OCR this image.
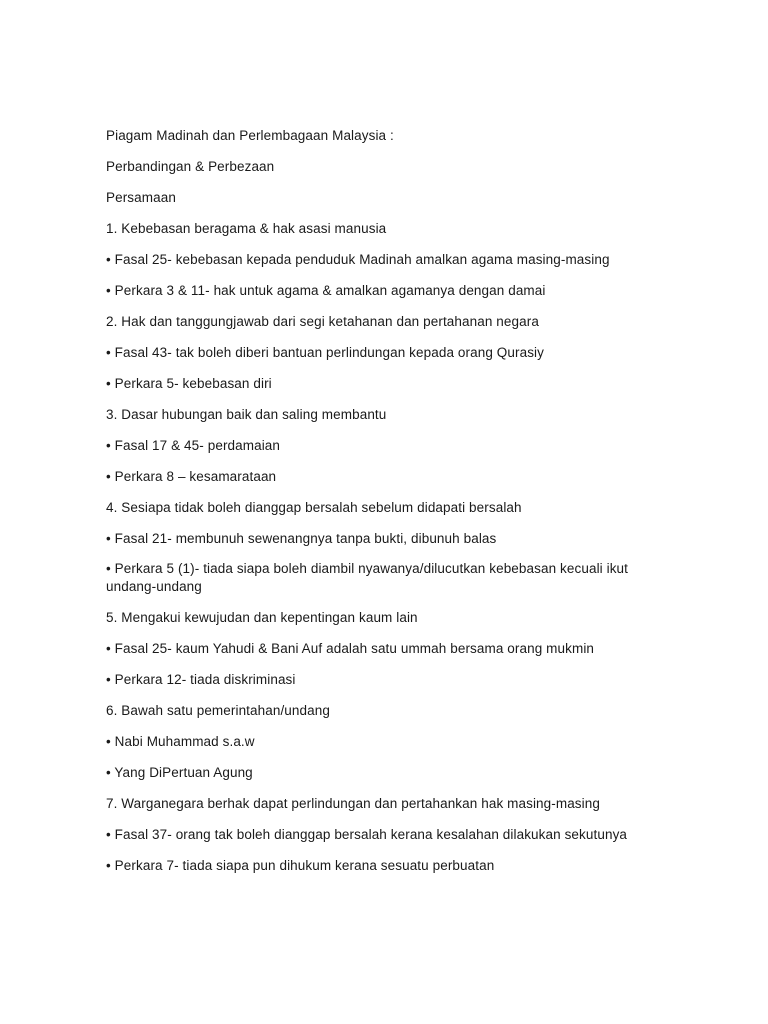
Piagam Madinah dan Perlembagaan Malaysia :

Perbandingan & Perbezaan

Persamaan

1. Kebebasan beragama & hak asasi manusia

• Fasal 25- kebebasan kepada penduduk Madinah amalkan agama masing-masing

• Perkara 3 & 11- hak untuk agama & amalkan agamanya dengan damai

2. Hak dan tanggungjawab dari segi ketahanan dan pertahanan negara

• Fasal 43- tak boleh diberi bantuan perlindungan kepada orang Qurasiy

• Perkara 5- kebebasan diri

3. Dasar hubungan baik dan saling membantu

• Fasal 17 & 45- perdamaian

• Perkara 8 – kesamarataan

4. Sesiapa tidak boleh dianggap bersalah sebelum didapati bersalah

• Fasal 21- membunuh sewenangnya tanpa bukti, dibunuh balas

• Perkara 5 (1)- tiada siapa boleh diambil nyawanya/dilucutkan kebebasan kecuali ikut undang-undang

5. Mengakui kewujudan dan kepentingan kaum lain

• Fasal 25- kaum Yahudi & Bani Auf adalah satu ummah bersama orang mukmin

• Perkara 12- tiada diskriminasi

6. Bawah satu pemerintahan/undang

• Nabi Muhammad s.a.w

• Yang DiPertuan Agung

7. Warganegara berhak dapat perlindungan dan pertahankan hak masing-masing

• Fasal 37- orang tak boleh dianggap bersalah kerana kesalahan dilakukan sekutunya

• Perkara 7- tiada siapa pun dihukum kerana sesuatu perbuatan
